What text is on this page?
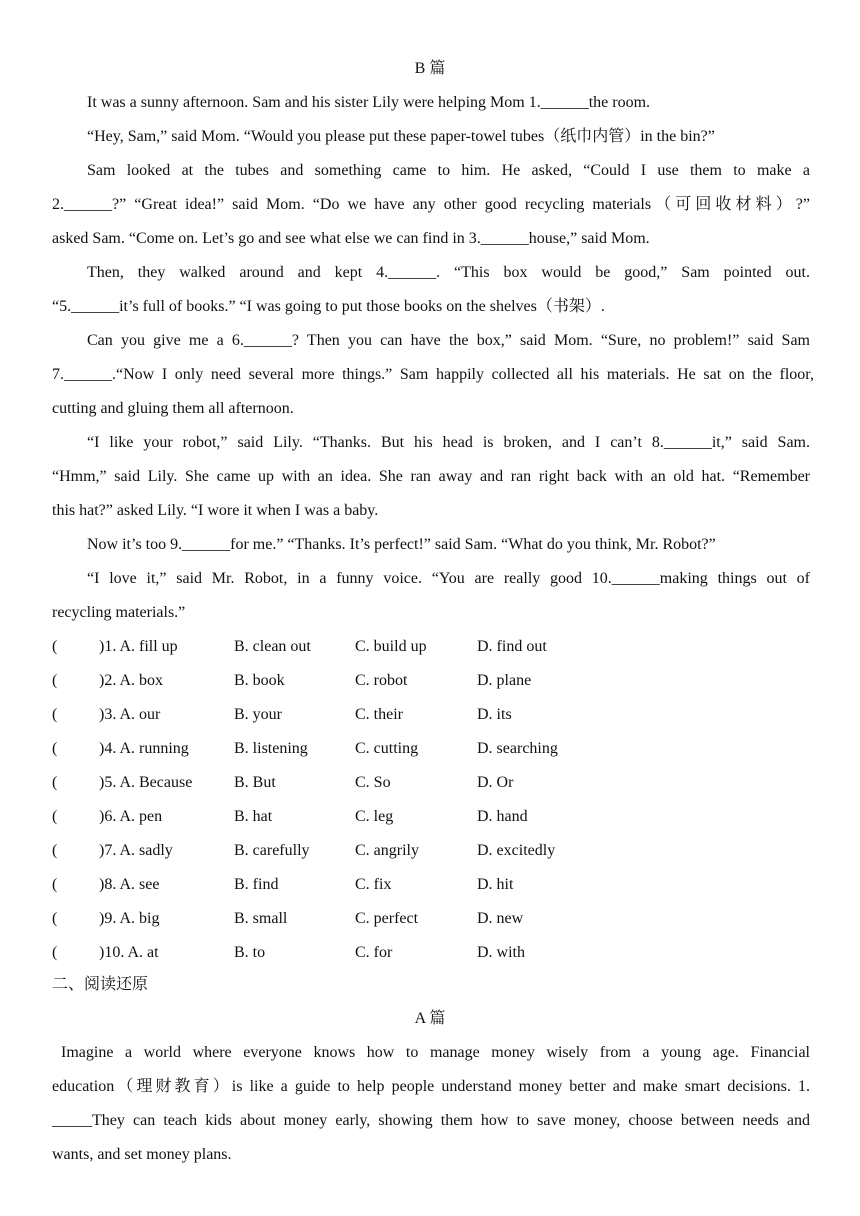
B 篇
It was a sunny afternoon. Sam and his sister Lily were helping Mom 1.______the room.
“Hey, Sam,” said Mom. “Would you please put these paper-towel tubes（纸巾内管）in the bin?”
Sam looked at the tubes and something came to him. He asked, “Could I use them to make a
2.______?” “Great idea!” said Mom. “Do we have any other good recycling materials（可回收材料）?”
asked Sam. “Come on. Let’s go and see what else we can find in 3.______house,” said Mom.
Then, they walked around and kept 4.______. “This box would be good,” Sam pointed out.
“5.______it’s full of books.” “I was going to put those books on the shelves（书架）.
Can you give me a 6.______? Then you can have the box,” said Mom. “Sure, no problem!” said Sam
7.______.“Now I only need several more things.” Sam happily collected all his materials. He sat on the floor,
cutting and gluing them all afternoon.
“I like your robot,” said Lily. “Thanks. But his head is broken, and I can’t 8.______it,” said Sam.
“Hmm,” said Lily. She came up with an idea. She ran away and ran right back with an old hat. “Remember
this hat?” asked Lily. “I wore it when I was a baby.
Now it’s too 9.______for me.” “Thanks. It’s perfect!” said Sam. “What do you think, Mr. Robot?”
“I love it,” said Mr. Robot, in a funny voice. “You are really good 10.______making things out of
recycling materials.”
(	)1. A. fill up	B. clean out	C. build up	D. find out
(	)2. A. box	B. book	C. robot	D. plane
(	)3. A. our	B. your	C. their	D. its
(	)4. A. running	B. listening	C. cutting	D. searching
(	)5. A. Because	B. But	C. So	D. Or
(	)6. A. pen	B. hat	C. leg	D. hand
(	)7. A. sadly	B. carefully	C. angrily	D. excitedly
(	)8. A. see	B. find	C. fix	D. hit
(	)9. A. big	B. small	C. perfect	D. new
(	)10. A. at	B. to	C. for	D. with
二、阅读还原
A 篇
Imagine a world where everyone knows how to manage money wisely from a young age. Financial
education（理财教育）is like a guide to help people understand money better and make smart decisions. 1.
_____They can teach kids about money early, showing them how to save money, choose between needs and
wants, and set money plans.
